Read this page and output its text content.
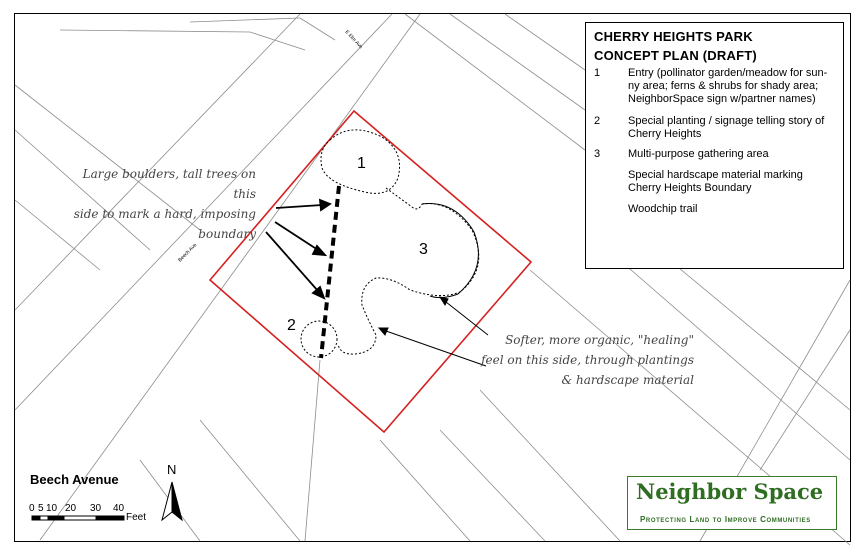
1
2
3
Beech Ave
E Elm Ave	CHERRY HEIGHTS PARK
CONCEPT PLAN (DRAFT)
1	Entry (pollinator garden/meadow for sun-ny area; ferns & shrubs for shady area; NeighborSpace sign w/partner names)
2	Special planting / signage telling story of Cherry Heights
3	Multi-purpose gathering area
Special hardscape material marking Cherry Heights Boundary
Woodchip trail
Large boulders, tall trees on this
side to mark a hard, imposing
boundary
Softer, more organic, "healing"
feel on this side, through plantings
& hardscape material
Beech Avenue
N
0 5 10 20 30 40
Feet
Neighbor Space
Protecting Land to Improve Communities
